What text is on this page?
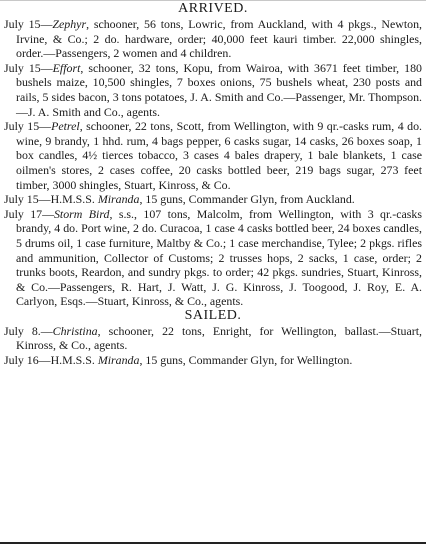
ARRIVED.

July 15—Zephyr, schooner, 56 tons, Lowric, from Auckland, with 4 pkgs., Newton, Irvine, & Co.; 2 do. hardware, order; 40,000 feet kauri timber. 22,000 shingles, order.—Passengers, 2 women and 4 children.

July 15—Effort, schooner, 32 tons, Kopu, from Wairoa, with 3671 feet timber, 180 bushels maize, 10,500 shingles, 7 boxes onions, 75 bushels wheat, 230 posts and rails, 5 sides bacon, 3 tons potatoes, J. A. Smith and Co.—Passenger, Mr. Thompson.—J. A. Smith and Co., agents.

July 15—Petrel, schooner, 22 tons, Scott, from Wellington, with 9 qr.-casks rum, 4 do. wine, 9 brandy, 1 hhd. rum, 4 bags pepper, 6 casks sugar, 14 casks, 26 boxes soap, 1 box candles, 4½ tierces tobacco, 3 cases 4 bales drapery, 1 bale blankets, 1 case oilmen's stores, 2 cases coffee, 20 casks bottled beer, 219 bags sugar, 273 feet timber, 3000 shingles, Stuart, Kinross, & Co.

July 15—H.M.S.S. Miranda, 15 guns, Commander Glyn, from Auckland.

July 17—Storm Bird, s.s., 107 tons, Malcolm, from Wellington, with 3 qr.-casks brandy, 4 do. Port wine, 2 do. Curacoa, 1 case 4 casks bottled beer, 24 boxes candles, 5 drums oil, 1 case furniture, Maltby & Co.; 1 case merchandise, Tylee; 2 pkgs. rifles and ammunition, Collector of Customs; 2 trusses hops, 2 sacks, 1 case, order; 2 trunks boots, Reardon, and sundry pkgs. to order; 42 pkgs. sundries, Stuart, Kinross, & Co.—Passengers, R. Hart, J. Watt, J. G. Kinross, J. Toogood, J. Roy, E. A. Carlyon, Esqs.—Stuart, Kinross, & Co., agents.

SAILED.

July 8.—Christina, schooner, 22 tons, Enright, for Wellington, ballast.—Stuart, Kinross, & Co., agents.

July 16—H.M.S.S. Miranda, 15 guns, Commander Glyn, for Wellington.
